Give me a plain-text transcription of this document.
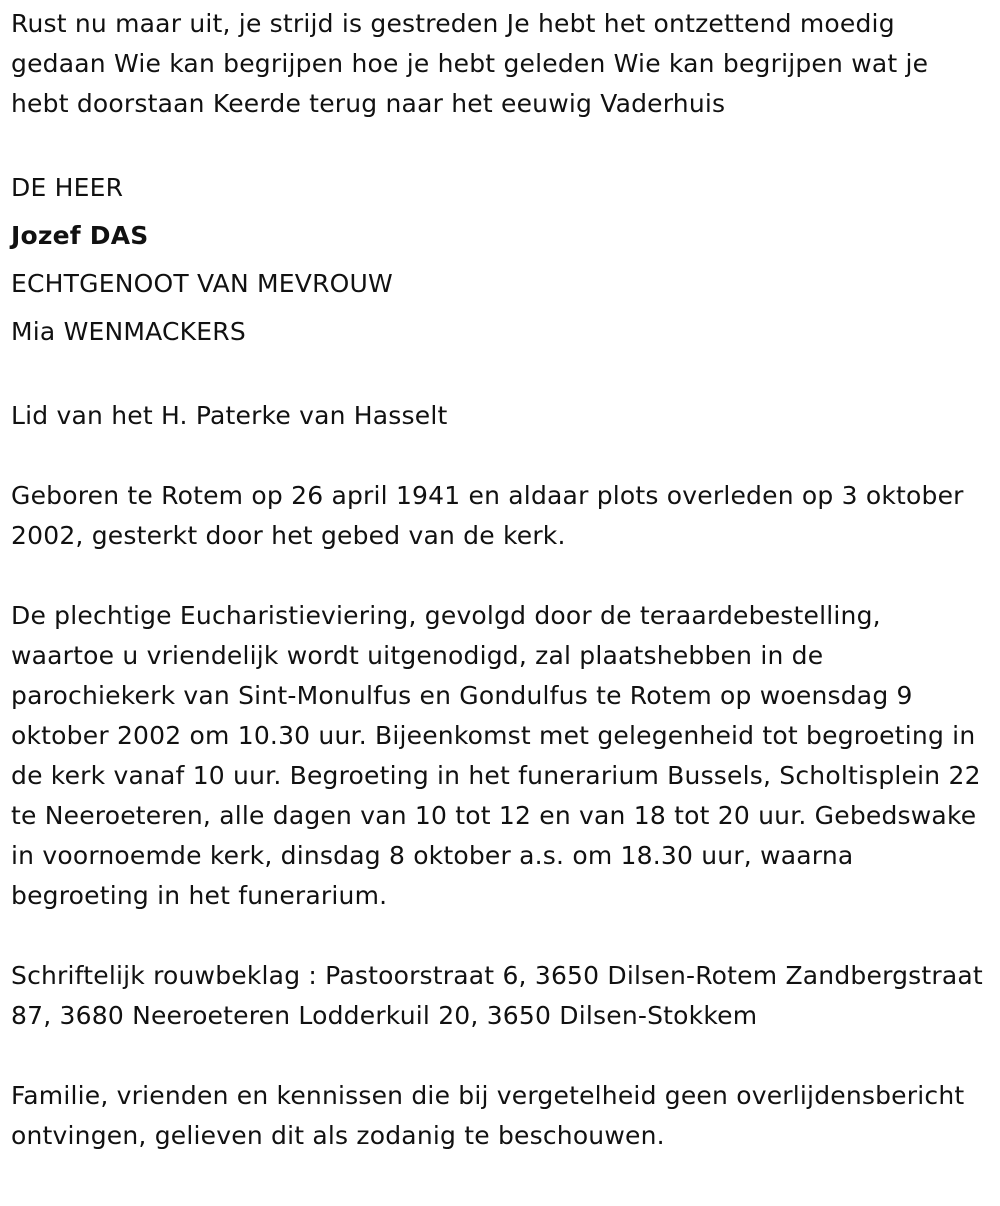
Rust nu maar uit, je strijd is gestreden Je hebt het ontzettend moedig gedaan Wie kan begrijpen hoe je hebt geleden Wie kan begrijpen wat je hebt doorstaan Keerde terug naar het eeuwig Vaderhuis

DE HEER

Jozef DAS

ECHTGENOOT VAN MEVROUW

Mia WENMACKERS

Lid van het H. Paterke van Hasselt

Geboren te Rotem op 26 april 1941 en aldaar plots overleden op 3 oktober 2002, gesterkt door het gebed van de kerk.

De plechtige Eucharistieviering, gevolgd door de teraardebestelling, waartoe u vriendelijk wordt uitgenodigd, zal plaatshebben in de parochiekerk van Sint-Monulfus en Gondulfus te Rotem op woensdag 9 oktober 2002 om 10.30 uur. Bijeenkomst met gelegenheid tot begroeting in de kerk vanaf 10 uur. Begroeting in het funerarium Bussels, Scholtisplein 22 te Neeroeteren, alle dagen van 10 tot 12 en van 18 tot 20 uur. Gebedswake in voornoemde kerk, dinsdag 8 oktober a.s. om 18.30 uur, waarna begroeting in het funerarium.

Schriftelijk rouwbeklag : Pastoorstraat 6, 3650 Dilsen-Rotem Zandbergstraat 87, 3680 Neeroeteren Lodderkuil 20, 3650 Dilsen-Stokkem

Familie, vrienden en kennissen die bij vergetelheid geen overlijdensbericht ontvingen, gelieven dit als zodanig te beschouwen.
